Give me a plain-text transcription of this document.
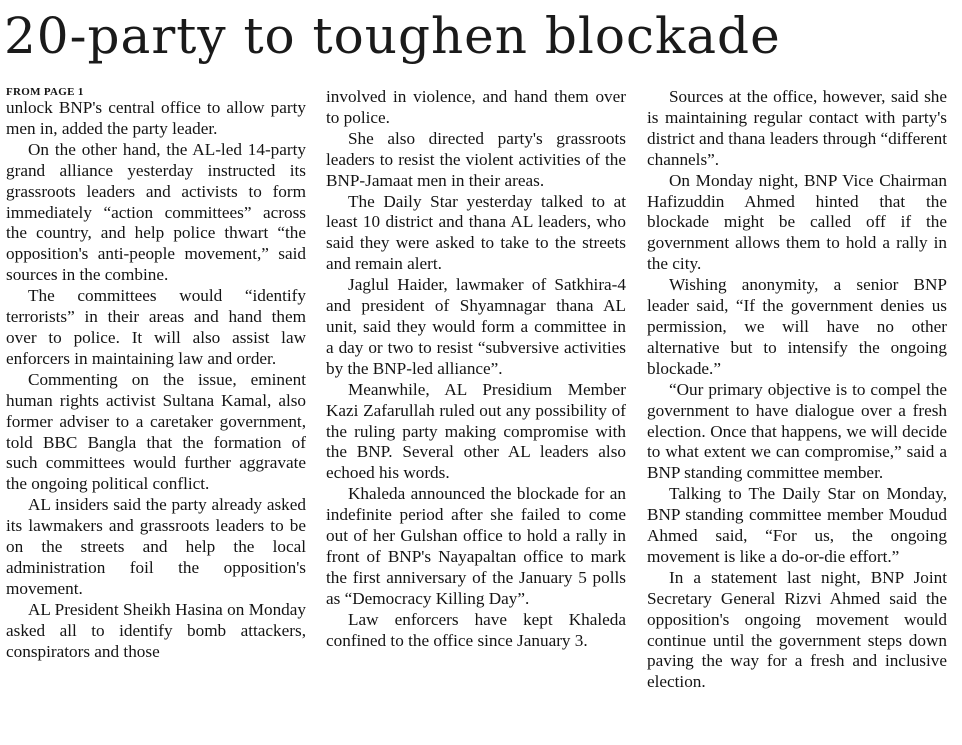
20-party to toughen blockade
FROM PAGE 1

unlock BNP's central office to allow party men in, added the party leader.

On the other hand, the AL-led 14-party grand alliance yesterday instructed its grassroots leaders and activists to form immediately “action committees” across the country, and help police thwart “the opposition's anti-people movement,” said sources in the combine.

The committees would “identify terrorists” in their areas and hand them over to police. It will also assist law enforcers in maintaining law and order.

Commenting on the issue, eminent human rights activist Sultana Kamal, also former adviser to a caretaker government, told BBC Bangla that the formation of such committees would further aggravate the ongoing political conflict.

AL insiders said the party already asked its lawmakers and grassroots leaders to be on the streets and help the local administration foil the opposition's movement.

AL President Sheikh Hasina on Monday asked all to identify bomb attackers, conspirators and those

involved in violence, and hand them over to police.

She also directed party's grassroots leaders to resist the violent activities of the BNP-Jamaat men in their areas.

The Daily Star yesterday talked to at least 10 district and thana AL leaders, who said they were asked to take to the streets and remain alert.

Jaglul Haider, lawmaker of Satkhira-4 and president of Shyamnagar thana AL unit, said they would form a committee in a day or two to resist “subversive activities by the BNP-led alliance”.

Meanwhile, AL Presidium Member Kazi Zafarullah ruled out any possibility of the ruling party making compromise with the BNP. Several other AL leaders also echoed his words.

Khaleda announced the blockade for an indefinite period after she failed to come out of her Gulshan office to hold a rally in front of BNP's Nayapaltan office to mark the first anniversary of the January 5 polls as “Democracy Killing Day”.

Law enforcers have kept Khaleda confined to the office since January 3.

Sources at the office, however, said she is maintaining regular contact with party's district and thana leaders through “different channels”.

On Monday night, BNP Vice Chairman Hafizuddin Ahmed hinted that the blockade might be called off if the government allows them to hold a rally in the city.

Wishing anonymity, a senior BNP leader said, “If the government denies us permission, we will have no other alternative but to intensify the ongoing blockade.”

“Our primary objective is to compel the government to have dialogue over a fresh election. Once that happens, we will decide to what extent we can compromise,” said a BNP standing committee member.

Talking to The Daily Star on Monday, BNP standing committee member Moudud Ahmed said, “For us, the ongoing movement is like a do-or-die effort.”

In a statement last night, BNP Joint Secretary General Rizvi Ahmed said the opposition's ongoing movement would continue until the government steps down paving the way for a fresh and inclusive election.
